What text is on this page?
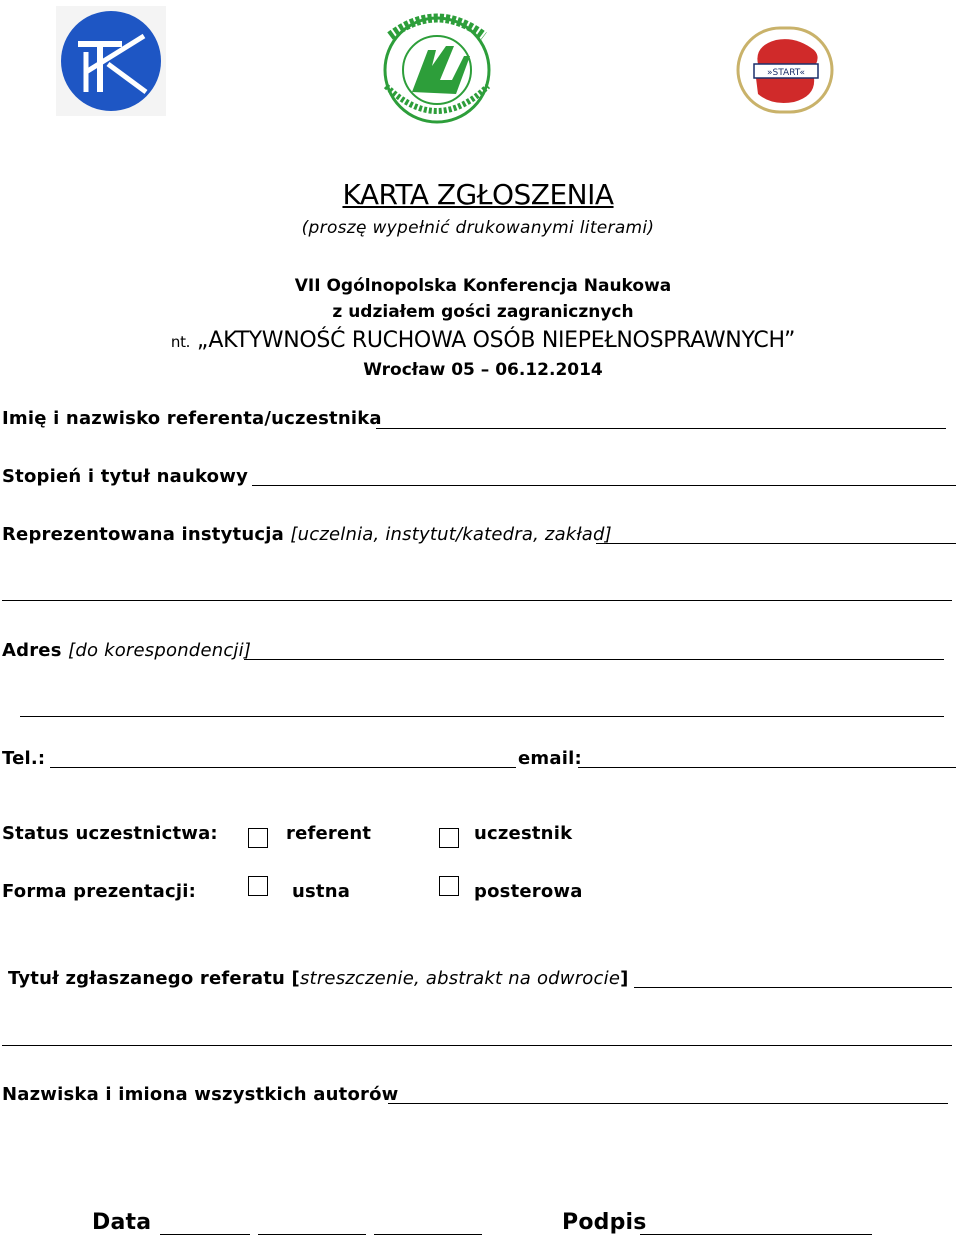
TK
»START«
KARTA ZGŁOSZENIA
(proszę wypełnić drukowanymi literami)
VII Ogólnopolska Konferencja Naukowa
z udziałem gości zagranicznych
nt. „AKTYWNOŚĆ RUCHOWA OSÓB NIEPEŁNOSPRAWNYCH”
Wrocław 05 – 06.12.2014
Imię i nazwisko referenta/uczestnika
Stopień i tytuł naukowy
Reprezentowana instytucja [uczelnia, instytut/katedra, zakład]
Adres [do korespondencji]
Tel.:	email:
Status uczestnictwa:	referent	uczestnik
Forma prezentacji:	ustna	posterowa
Tytuł zgłaszanego referatu [streszczenie, abstrakt na odwrocie]
Nazwiska i imiona wszystkich autorów
Data	Podpis
